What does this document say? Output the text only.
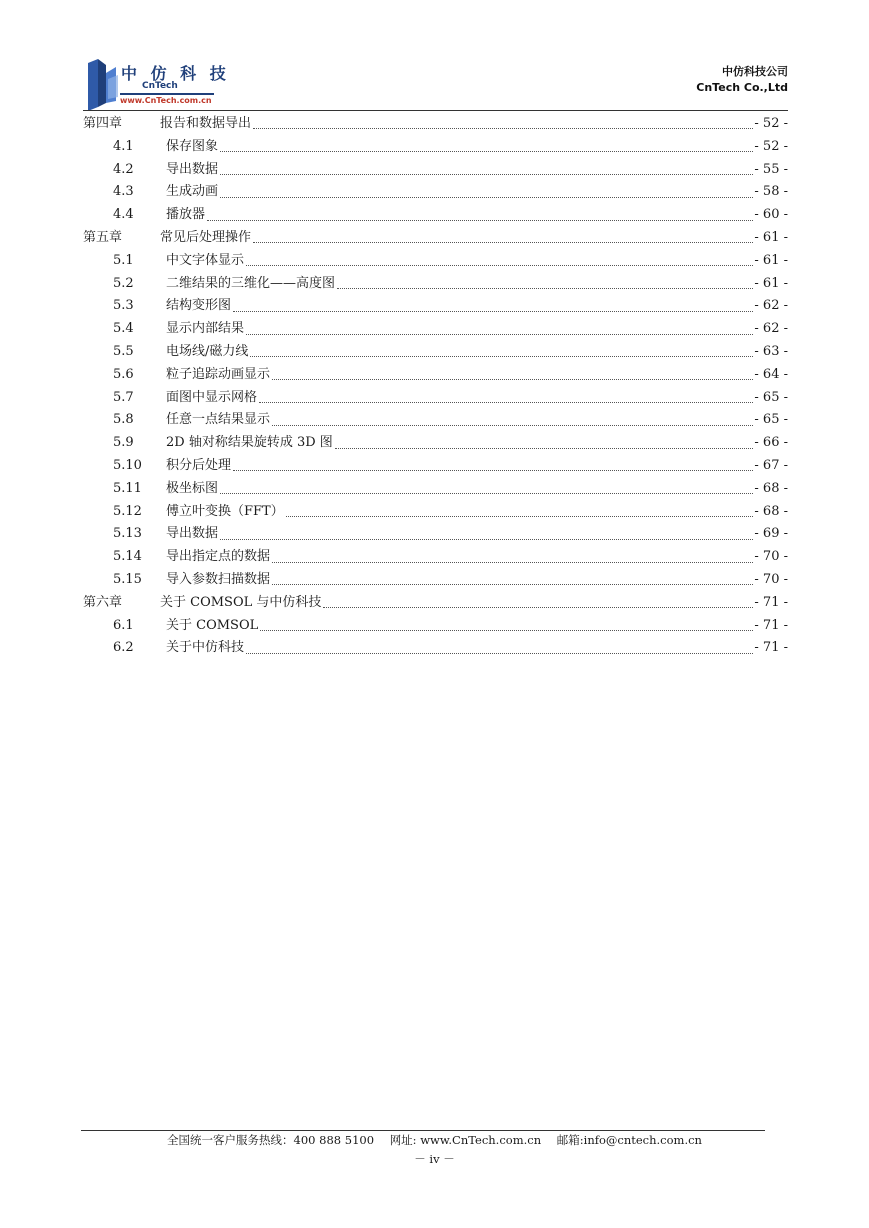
中 仿 科 技
CnTech
www.CnTech.com.cn
中仿科技公司
CnTech Co.,Ltd
第四章	报告和数据导出	- 52 -
4.1	保存图象	- 52 -
4.2	导出数据	- 55 -
4.3	生成动画	- 58 -
4.4	播放器	- 60 -
第五章	常见后处理操作	- 61 -
5.1	中文字体显示	- 61 -
5.2	二维结果的三维化——高度图	- 61 -
5.3	结构变形图	- 62 -
5.4	显示内部结果	- 62 -
5.5	电场线/磁力线	- 63 -
5.6	粒子追踪动画显示	- 64 -
5.7	面图中显示网格	- 65 -
5.8	任意一点结果显示	- 65 -
5.9	2D 轴对称结果旋转成 3D 图	- 66 -
5.10	积分后处理	- 67 -
5.11	极坐标图	- 68 -
5.12	傅立叶变换（FFT）	- 68 -
5.13	导出数据	- 69 -
5.14	导出指定点的数据	- 70 -
5.15	导入参数扫描数据	- 70 -
第六章	关于 COMSOL 与中仿科技	- 71 -
6.1	关于 COMSOL	- 71 -
6.2	关于中仿科技	- 71 -
全国统一客户服务热线：400 888 5100 网址: www.CnTech.com.cn 邮箱:info@cntech.com.cn
－ iv －
